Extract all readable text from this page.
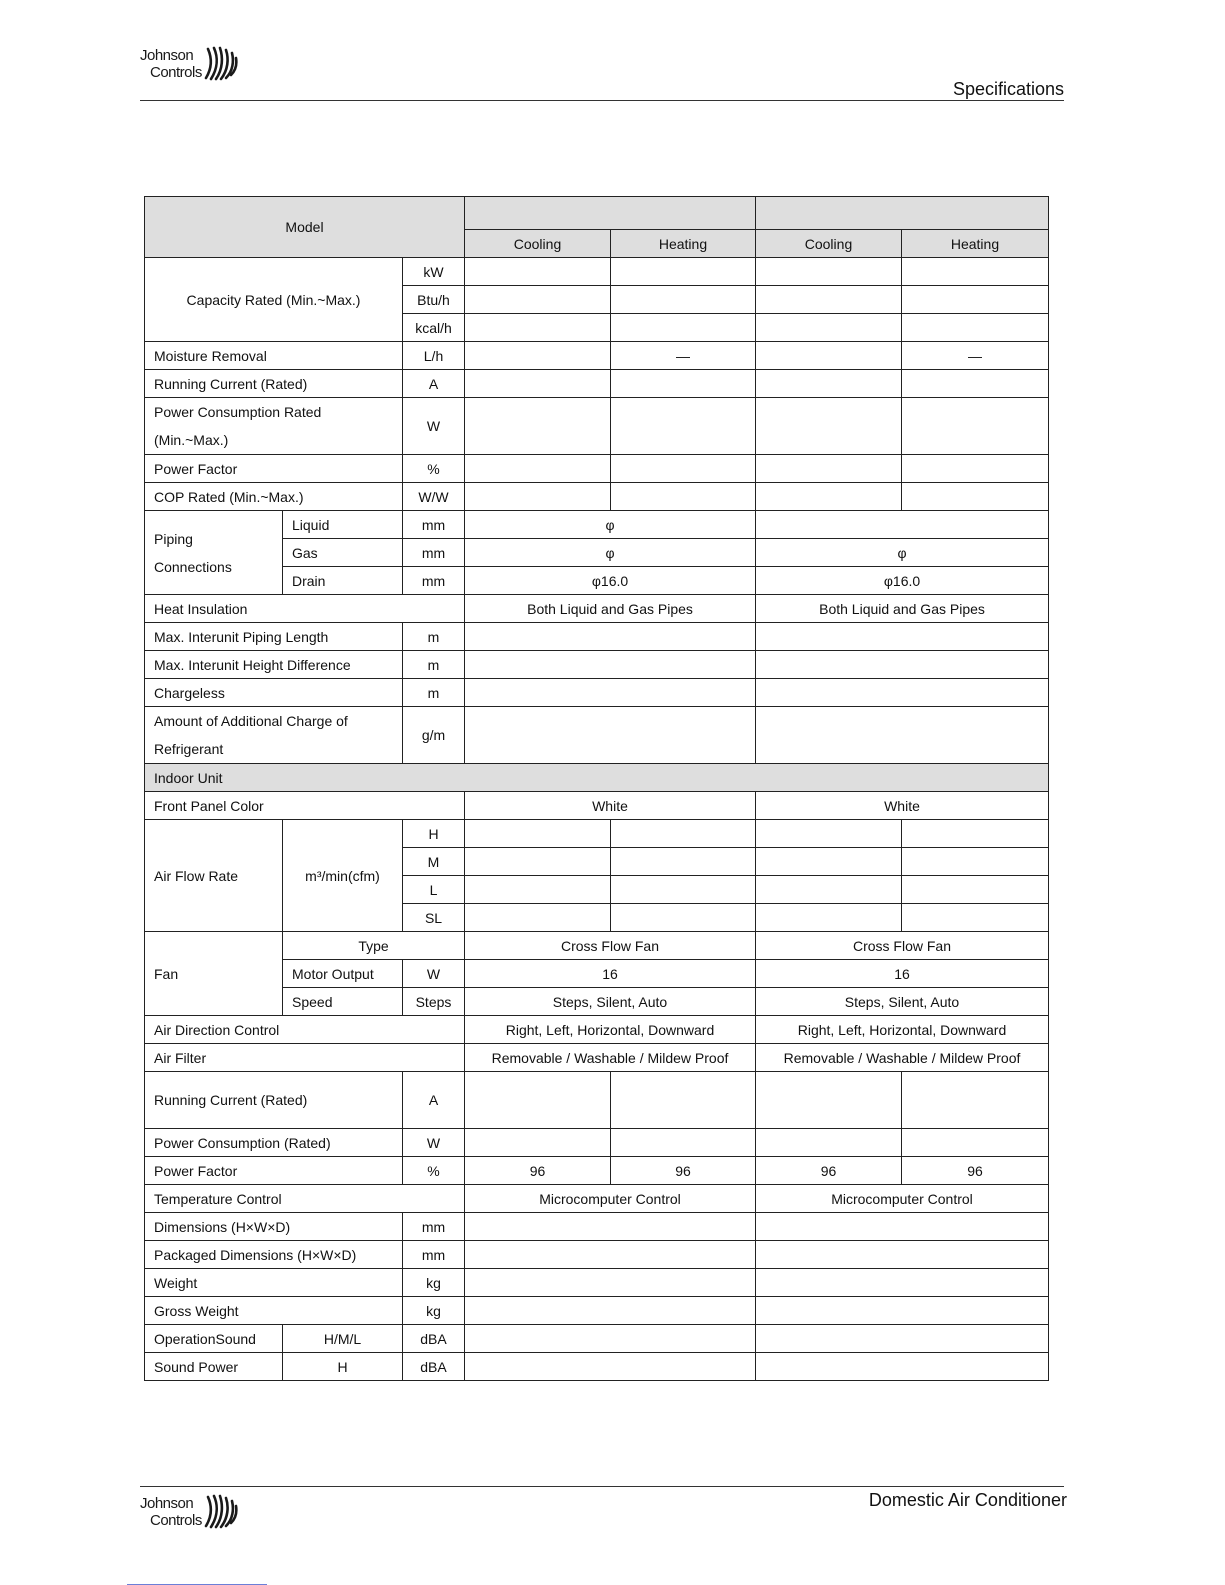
Johnson
Controls
Specifications
Model						
			Cooling	Heating	Cooling	Heating
Capacity Rated (Min.~Max.)		kW				
		Btu/h				
		kcal/h				
Moisture Removal		L/h		—		—
Running Current (Rated)		A				
Power Consumption Rated (Min.~Max.)		W				
Power Factor		%				
COP Rated (Min.~Max.)		W/W				
Piping Connections	Liquid	mm	φ			
	Gas	mm	φ		φ	
	Drain	mm	φ16.0		φ16.0	
Heat Insulation			Both Liquid and Gas Pipes		Both Liquid and Gas Pipes	
Max. Interunit Piping Length		m				
Max. Interunit Height Difference		m				
Chargeless		m				
Amount of Additional Charge of Refrigerant		g/m				
Indoor Unit						
Front Panel Color			White		White	
Air Flow Rate	m³/min(cfm)	H				
		M				
		L				
		SL				
Fan	Type		Cross Flow Fan		Cross Flow Fan	
	Motor Output	W	16		16	
	Speed	Steps	Steps, Silent, Auto		Steps, Silent, Auto	
Air Direction Control			Right, Left, Horizontal, Downward		Right, Left, Horizontal, Downward	
Air Filter			Removable / Washable / Mildew Proof		Removable / Washable / Mildew Proof	
Running Current (Rated)		A				
Power Consumption (Rated)		W				
Power Factor		%	96	96	96	96
Temperature Control			Microcomputer Control		Microcomputer Control	
Dimensions (H×W×D)		mm				
Packaged Dimensions (H×W×D)		mm				
Weight		kg				
Gross Weight		kg				
OperationSound	H/M/L	dBA				
Sound Power	H	dBA				
Domestic Air Conditioner
Johnson
Controls
